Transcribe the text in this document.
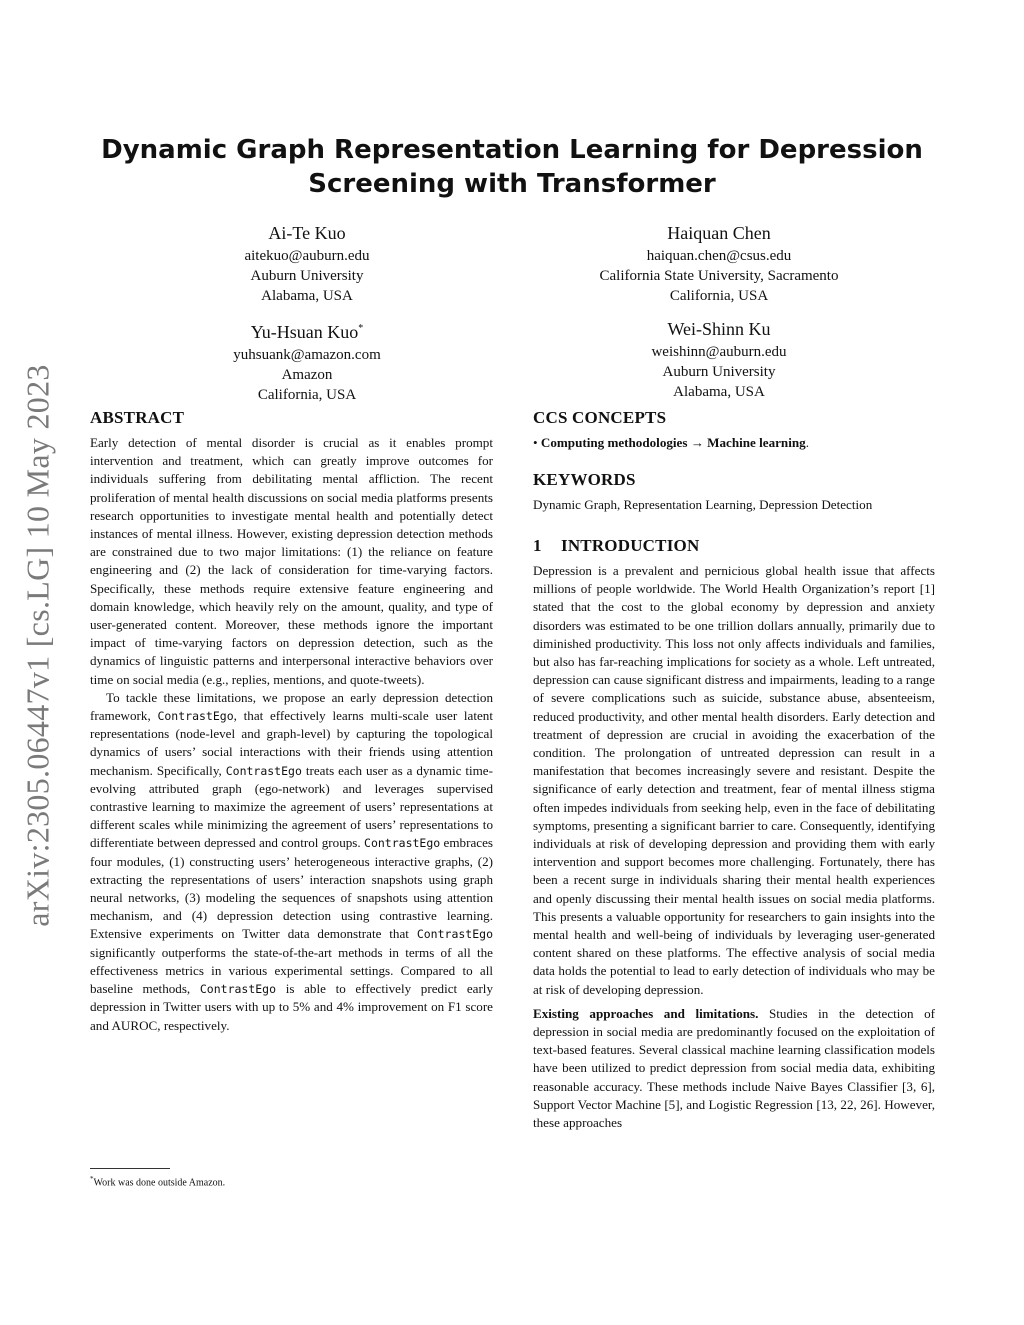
arXiv:2305.06447v1 [cs.LG] 10 May 2023
Dynamic Graph Representation Learning for Depression Screening with Transformer
Ai-Te Kuo
aitekuo@auburn.edu
Auburn University
Alabama, USA
Haiquan Chen
haiquan.chen@csus.edu
California State University, Sacramento
California, USA
Yu-Hsuan Kuo*
yuhsuank@amazon.com
Amazon
California, USA
Wei-Shinn Ku
weishinn@auburn.edu
Auburn University
Alabama, USA
ABSTRACT

Early detection of mental disorder is crucial as it enables prompt intervention and treatment, which can greatly improve outcomes for individuals suffering from debilitating mental affliction. The recent proliferation of mental health discussions on social media platforms presents research opportunities to investigate mental health and potentially detect instances of mental illness. However, existing depression detection methods are constrained due to two major limitations: (1) the reliance on feature engineering and (2) the lack of consideration for time-varying factors. Specifically, these methods require extensive feature engineering and domain knowledge, which heavily rely on the amount, quality, and type of user-generated content. Moreover, these methods ignore the important impact of time-varying factors on depression detection, such as the dynamics of linguistic patterns and interpersonal interactive behaviors over time on social media (e.g., replies, mentions, and quote-tweets).

To tackle these limitations, we propose an early depression detection framework, ContrastEgo, that effectively learns multi-scale user latent representations (node-level and graph-level) by capturing the topological dynamics of users’ social interactions with their friends using attention mechanism. Specifically, ContrastEgo treats each user as a dynamic time-evolving attributed graph (ego-network) and leverages supervised contrastive learning to maximize the agreement of users’ representations at different scales while minimizing the agreement of users’ representations to differentiate between depressed and control groups. ContrastEgo embraces four modules, (1) constructing users’ heterogeneous interactive graphs, (2) extracting the representations of users’ interaction snapshots using graph neural networks, (3) modeling the sequences of snapshots using attention mechanism, and (4) depression detection using contrastive learning. Extensive experiments on Twitter data demonstrate that ContrastEgo significantly outperforms the state-of-the-art methods in terms of all the effectiveness metrics in various experimental settings. Compared to all baseline methods, ContrastEgo is able to effectively predict early depression in Twitter users with up to 5% and 4% improvement on F1 score and AUROC, respectively.

CCS CONCEPTS
• Computing methodologies → Machine learning.
KEYWORDS
Dynamic Graph, Representation Learning, Depression Detection
1 INTRODUCTION

Depression is a prevalent and pernicious global health issue that affects millions of people worldwide. The World Health Organization’s report [1] stated that the cost to the global economy by depression and anxiety disorders was estimated to be one trillion dollars annually, primarily due to diminished productivity. This loss not only affects individuals and families, but also has far-reaching implications for society as a whole. Left untreated, depression can cause significant distress and impairments, leading to a range of severe complications such as suicide, substance abuse, absenteeism, reduced productivity, and other mental health disorders. Early detection and treatment of depression are crucial in avoiding the exacerbation of the condition. The prolongation of untreated depression can result in a manifestation that becomes increasingly severe and resistant. Despite the significance of early detection and treatment, fear of mental illness stigma often impedes individuals from seeking help, even in the face of debilitating symptoms, presenting a significant barrier to care. Consequently, identifying individuals at risk of developing depression and providing them with early intervention and support becomes more challenging. Fortunately, there has been a recent surge in individuals sharing their mental health experiences and openly discussing their mental health issues on social media platforms. This presents a valuable opportunity for researchers to gain insights into the mental health and well-being of individuals by leveraging user-generated content shared on these platforms. The effective analysis of social media data holds the potential to lead to early detection of individuals who may be at risk of developing depression.

Existing approaches and limitations. Studies in the detection of depression in social media are predominantly focused on the exploitation of text-based features. Several classical machine learning classification models have been utilized to predict depression from social media data, exhibiting reasonable accuracy. These methods include Naive Bayes Classifier [3, 6], Support Vector Machine [5], and Logistic Regression [13, 22, 26]. However, these approaches

*Work was done outside Amazon.
